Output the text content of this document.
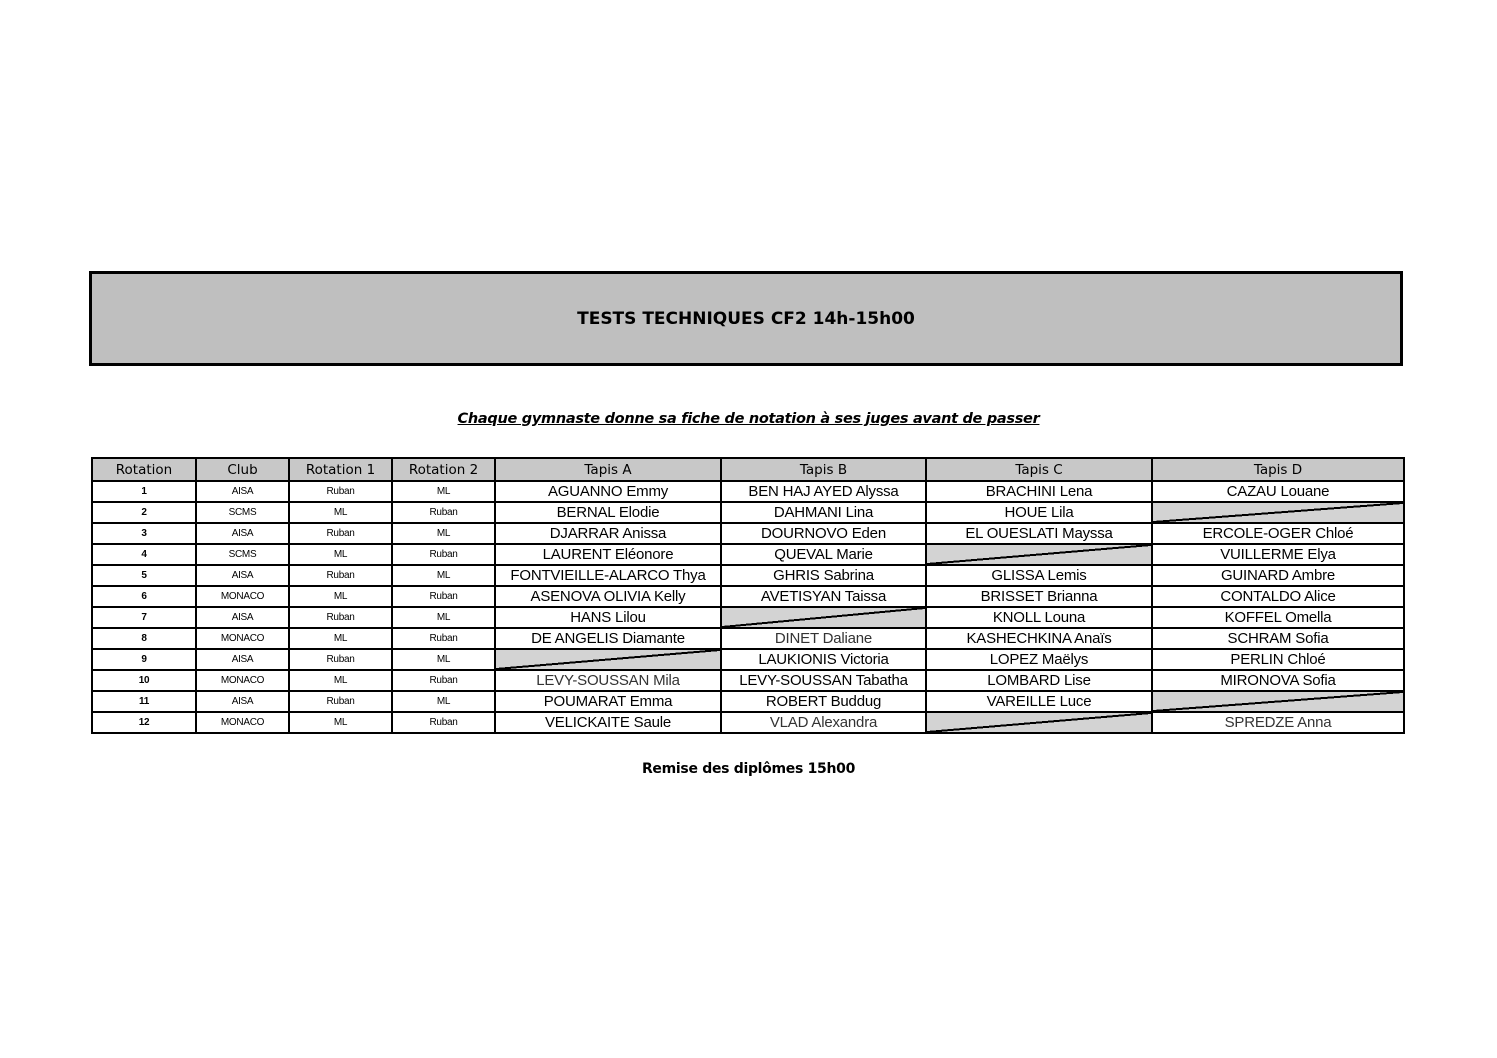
TESTS TECHNIQUES CF2 14h-15h00
Chaque gymnaste donne sa fiche de notation à ses juges avant de passer
Rotation	Club	Rotation 1	Rotation 2	Tapis A	Tapis B	Tapis C	Tapis D
1	AISA	Ruban	ML	AGUANNO Emmy	BEN HAJ AYED Alyssa	BRACHINI Lena	CAZAU Louane
2	SCMS	ML	Ruban	BERNAL Elodie	DAHMANI Lina	HOUE Lila	
3	AISA	Ruban	ML	DJARRAR Anissa	DOURNOVO Eden	EL OUESLATI Mayssa	ERCOLE-OGER Chloé
4	SCMS	ML	Ruban	LAURENT Eléonore	QUEVAL Marie		VUILLERME Elya
5	AISA	Ruban	ML	FONTVIEILLE-ALARCO Thya	GHRIS Sabrina	GLISSA Lemis	GUINARD Ambre
6	MONACO	ML	Ruban	ASENOVA OLIVIA Kelly	AVETISYAN Taissa	BRISSET Brianna	CONTALDO Alice
7	AISA	Ruban	ML	HANS Lilou		KNOLL Louna	KOFFEL Omella
8	MONACO	ML	Ruban	DE ANGELIS Diamante	DINET Daliane	KASHECHKINA Anaïs	SCHRAM Sofia
9	AISA	Ruban	ML		LAUKIONIS Victoria	LOPEZ Maëlys	PERLIN Chloé
10	MONACO	ML	Ruban	LEVY-SOUSSAN Mila	LEVY-SOUSSAN Tabatha	LOMBARD Lise	MIRONOVA Sofia
11	AISA	Ruban	ML	POUMARAT Emma	ROBERT Buddug	VAREILLE Luce	
12	MONACO	ML	Ruban	VELICKAITE Saule	VLAD Alexandra		SPREDZE Anna
Remise des diplômes 15h00
